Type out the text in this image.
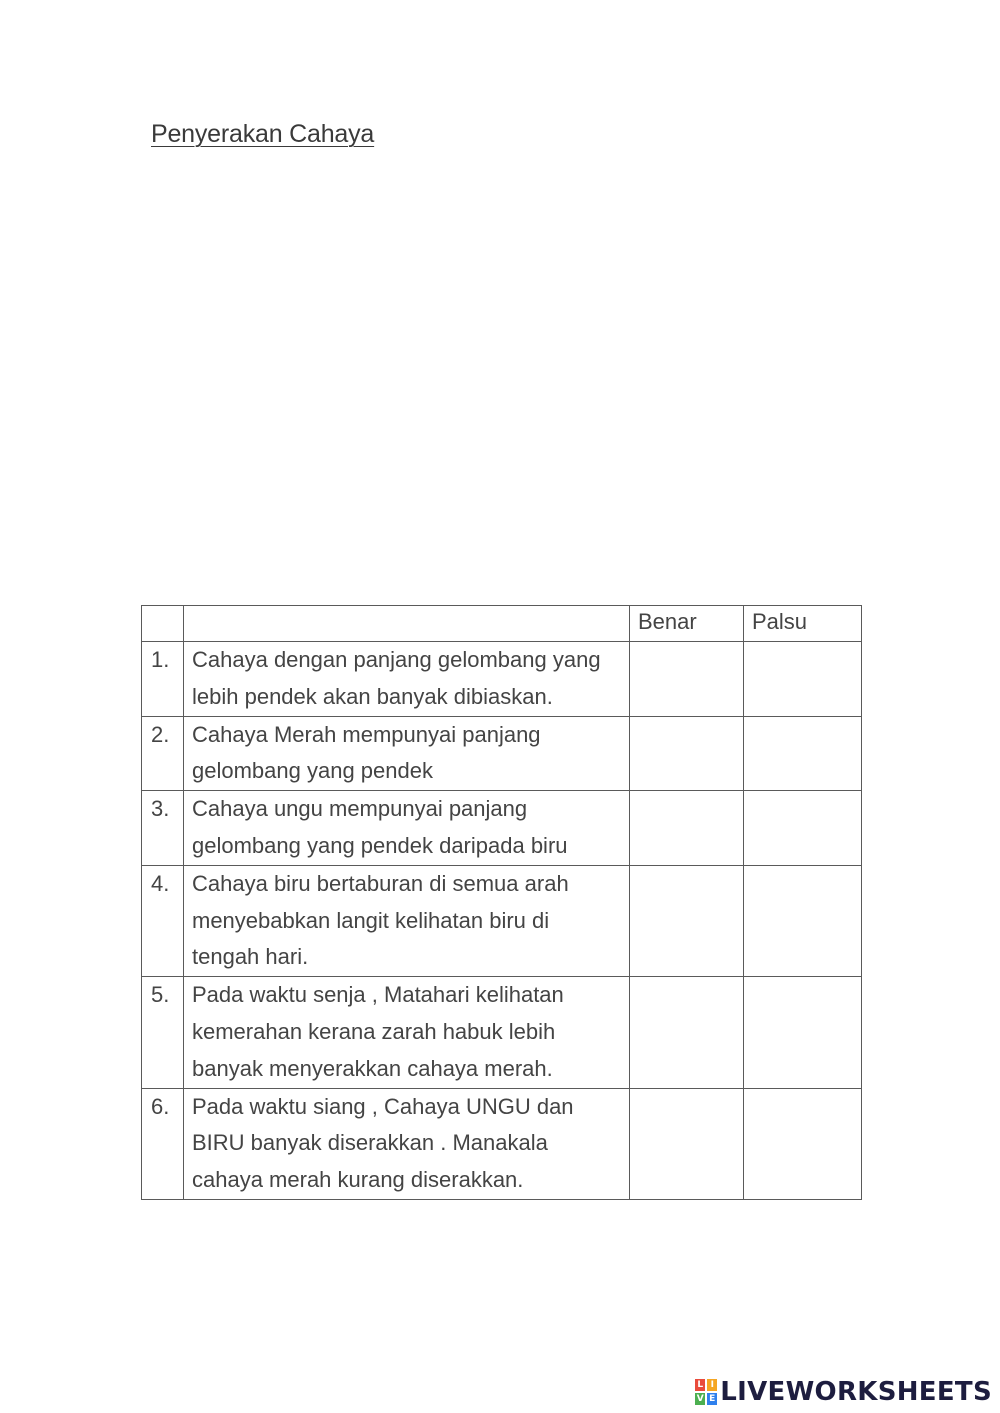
Penyerakan Cahaya
		Benar	Palsu
1.	Cahaya dengan panjang gelombang yang lebih pendek akan banyak dibiaskan.		
2.	Cahaya Merah mempunyai panjang gelombang yang pendek		
3.	Cahaya ungu mempunyai panjang gelombang yang pendek daripada biru		
4.	Cahaya biru bertaburan di semua arah menyebabkan langit kelihatan biru di tengah hari.		
5.	Pada waktu senja , Matahari kelihatan kemerahan kerana zarah habuk lebih banyak menyerakkan cahaya merah.		
6.	Pada waktu siang , Cahaya UNGU dan BIRU banyak diserakkan . Manakala cahaya merah kurang diserakkan.		
L I
V E LIVEWORKSHEETS
